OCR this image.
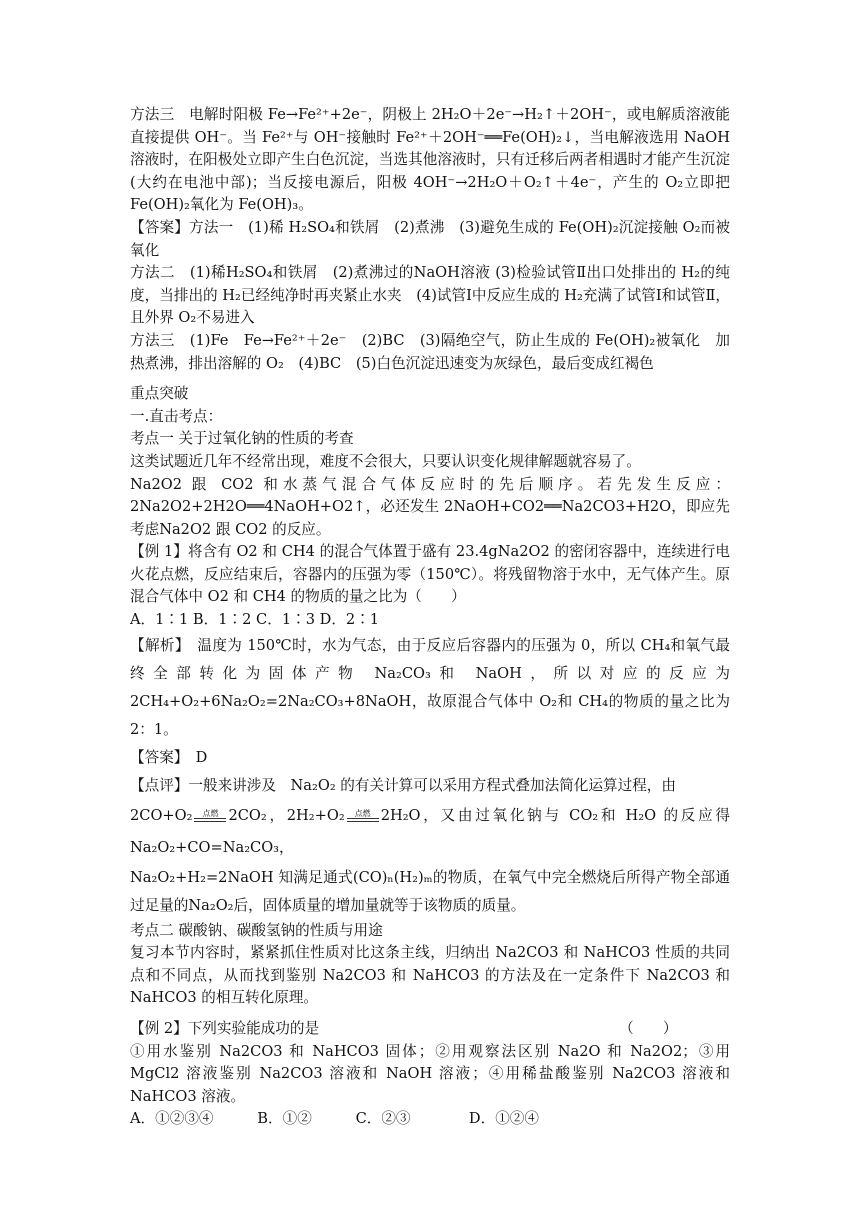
方法三　电解时阳极 Fe→Fe²⁺+2e⁻，阴极上 2H₂O＋2e⁻→H₂↑＋2OH⁻，或电解质溶液能直接提供 OH⁻。当 Fe²⁺与 OH⁻接触时 Fe²⁺＋2OH⁻══Fe(OH)₂↓，当电解液选用 NaOH 溶液时，在阳极处立即产生白色沉淀，当选其他溶液时，只有迁移后两者相遇时才能产生沉淀(大约在电池中部)；当反接电源后，阳极 4OH⁻→2H₂O＋O₂↑＋4e⁻，产生的 O₂立即把 Fe(OH)₂氧化为 Fe(OH)₃。

【答案】方法一　(1)稀 H₂SO₄和铁屑　(2)煮沸　(3)避免生成的 Fe(OH)₂沉淀接触 O₂而被氧化

方法二　(1)稀H₂SO₄和铁屑　(2)煮沸过的NaOH溶液 (3)检验试管Ⅱ出口处排出的 H₂的纯度，当排出的 H₂已经纯净时再夹紧止水夹　(4)试管Ⅰ中反应生成的 H₂充满了试管Ⅰ和试管Ⅱ，且外界 O₂不易进入

方法三　(1)Fe　Fe→Fe²⁺＋2e⁻　(2)BC　(3)隔绝空气，防止生成的 Fe(OH)₂被氧化　加热煮沸，排出溶解的 O₂　(4)BC　(5)白色沉淀迅速变为灰绿色，最后变成红褐色

重点突破

一.直击考点：

考点一 关于过氧化钠的性质的考查

这类试题近几年不经常出现，难度不会很大，只要认识变化规律解题就容易了。

Na2O2 跟 CO2 和水蒸气混合气体反应时的先后顺序。若先发生反应：2Na2O2+2H2O══4NaOH+O2↑，必还发生 2NaOH+CO2══Na2CO3+H2O，即应先考虑Na2O2 跟 CO2 的反应。

【例 1】将含有 O2 和 CH4 的混合气体置于盛有 23.4gNa2O2 的密闭容器中，连续进行电火花点燃，反应结束后，容器内的压强为零（150℃）。将残留物溶于水中，无气体产生。原混合气体中 O2 和 CH4 的物质的量之比为（　　）

A．1∶1 B．1∶2 C．1∶3 D．2∶1

【解析】　温度为 150℃时，水为气态，由于反应后容器内的压强为 0，所以 CH₄和氧气最终全部转化为固体产物 Na₂CO₃和 NaOH，所以对应的反应为 2CH₄+O₂+6Na₂O₂=2Na₂CO₃+8NaOH，故原混合气体中 O₂和 CH₄的物质的量之比为 2：1。

【答案】　D

【点评】一般来讲涉及　Na₂O₂ 的有关计算可以采用方程式叠加法简化运算过程，由

2CO+O₂ 点燃 2CO₂，2H₂+O₂ 点燃 2H₂O，又由过氧化钠与 CO₂和 H₂O 的反应得 Na₂O₂+CO=Na₂CO₃，

Na₂O₂+H₂=2NaOH 知满足通式(CO)ₙ(H₂)ₘ的物质，在氧气中完全燃烧后所得产物全部通过足量的Na₂O₂后，固体质量的增加量就等于该物质的质量。

考点二 碳酸钠、碳酸氢钠的性质与用途

复习本节内容时，紧紧抓住性质对比这条主线，归纳出 Na2CO3 和 NaHCO3 性质的共同点和不同点，从而找到鉴别 Na2CO3 和 NaHCO3 的方法及在一定条件下 Na2CO3 和 NaHCO3 的相互转化原理。

【例 2】下列实验能成功的是	（　　）

①用水鉴别 Na2CO3 和 NaHCO3 固体；②用观察法区别 Na2O 和 Na2O2；③用 MgCl2 溶液鉴别 Na2CO3 溶液和 NaOH 溶液；④用稀盐酸鉴别 Na2CO3 溶液和 NaHCO3 溶液。

A．①②③④　　　B．①②　　　C．②③　　　　D．①②④
